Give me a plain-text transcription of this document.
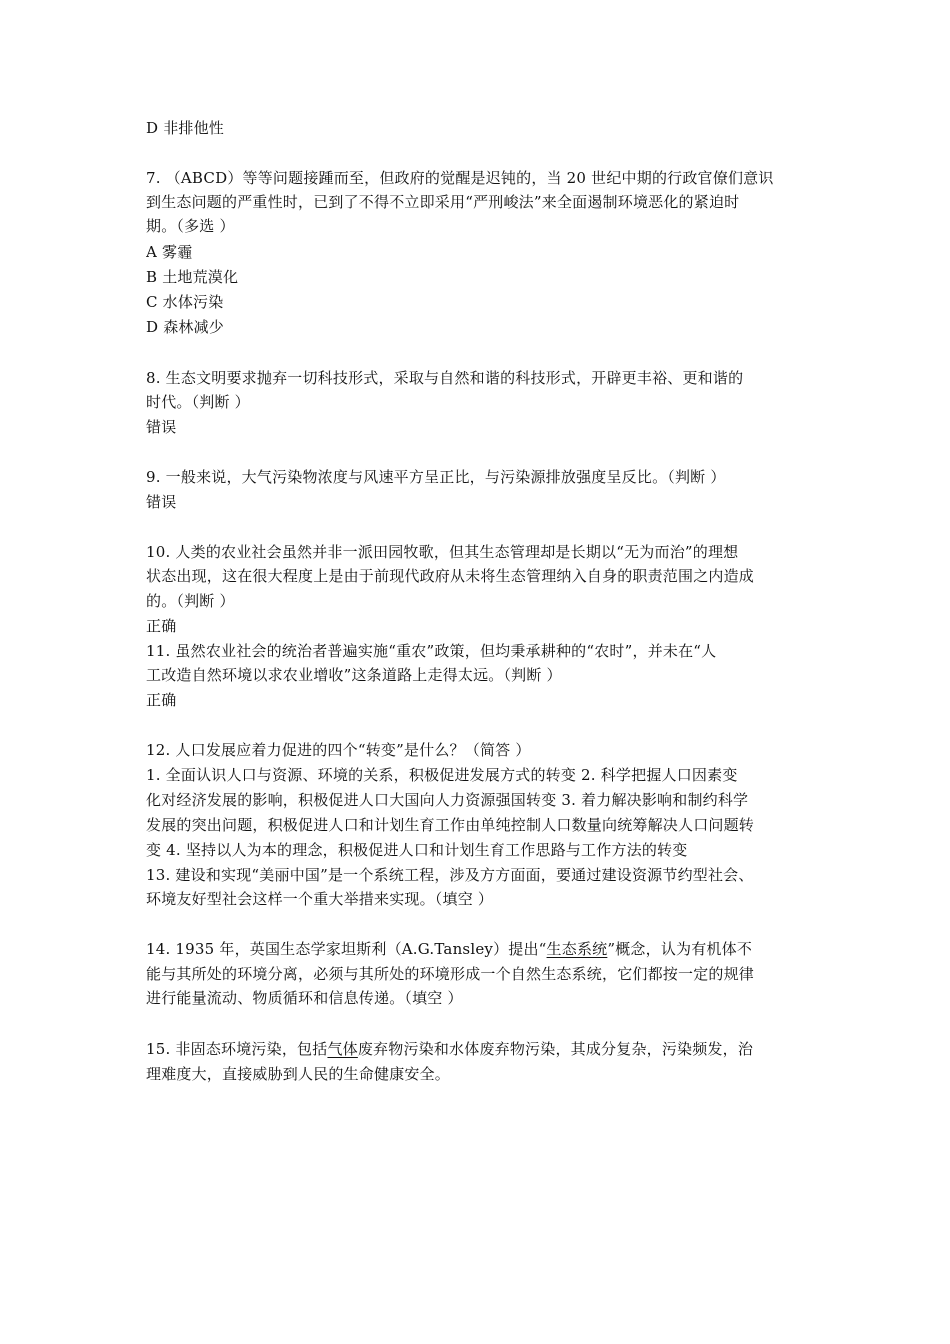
D 非排他性
7. （ABCD）等等问题接踵而至，但政府的觉醒是迟钝的，当 20 世纪中期的行政官僚们意识
到生态问题的严重性时，已到了不得不立即采用“严刑峻法”来全面遏制环境恶化的紧迫时
期。（多选 ）
A 雾霾
B 土地荒漠化
C 水体污染
D 森林减少
8. 生态文明要求抛弃一切科技形式，采取与自然和谐的科技形式，开辟更丰裕、更和谐的
时代。（判断 ）
错误
9. 一般来说，大气污染物浓度与风速平方呈正比，与污染源排放强度呈反比。（判断 ）
错误
10. 人类的农业社会虽然并非一派田园牧歌，但其生态管理却是长期以“无为而治”的理想
状态出现，这在很大程度上是由于前现代政府从未将生态管理纳入自身的职责范围之内造成
的。（判断 ）
正确
11. 虽然农业社会的统治者普遍实施“重农”政策，但均秉承耕种的“农时”，并未在“人
工改造自然环境以求农业增收”这条道路上走得太远。（判断 ）
正确
12. 人口发展应着力促进的四个“转变”是什么？（简答 ）
1. 全面认识人口与资源、环境的关系，积极促进发展方式的转变 2. 科学把握人口因素变
化对经济发展的影响，积极促进人口大国向人力资源强国转变 3. 着力解决影响和制约科学
发展的突出问题，积极促进人口和计划生育工作由单纯控制人口数量向统筹解决人口问题转
变 4. 坚持以人为本的理念，积极促进人口和计划生育工作思路与工作方法的转变
13. 建设和实现“美丽中国”是一个系统工程，涉及方方面面，要通过建设资源节约型社会、
环境友好型社会这样一个重大举措来实现。（填空 ）
14. 1935 年，英国生态学家坦斯利（A.G.Tansley）提出“生态系统”概念，认为有机体不
能与其所处的环境分离，必须与其所处的环境形成一个自然生态系统，它们都按一定的规律
进行能量流动、物质循环和信息传递。（填空 ）
15. 非固态环境污染，包括气体废弃物污染和水体废弃物污染，其成分复杂，污染频发，治
理难度大，直接威胁到人民的生命健康安全。
